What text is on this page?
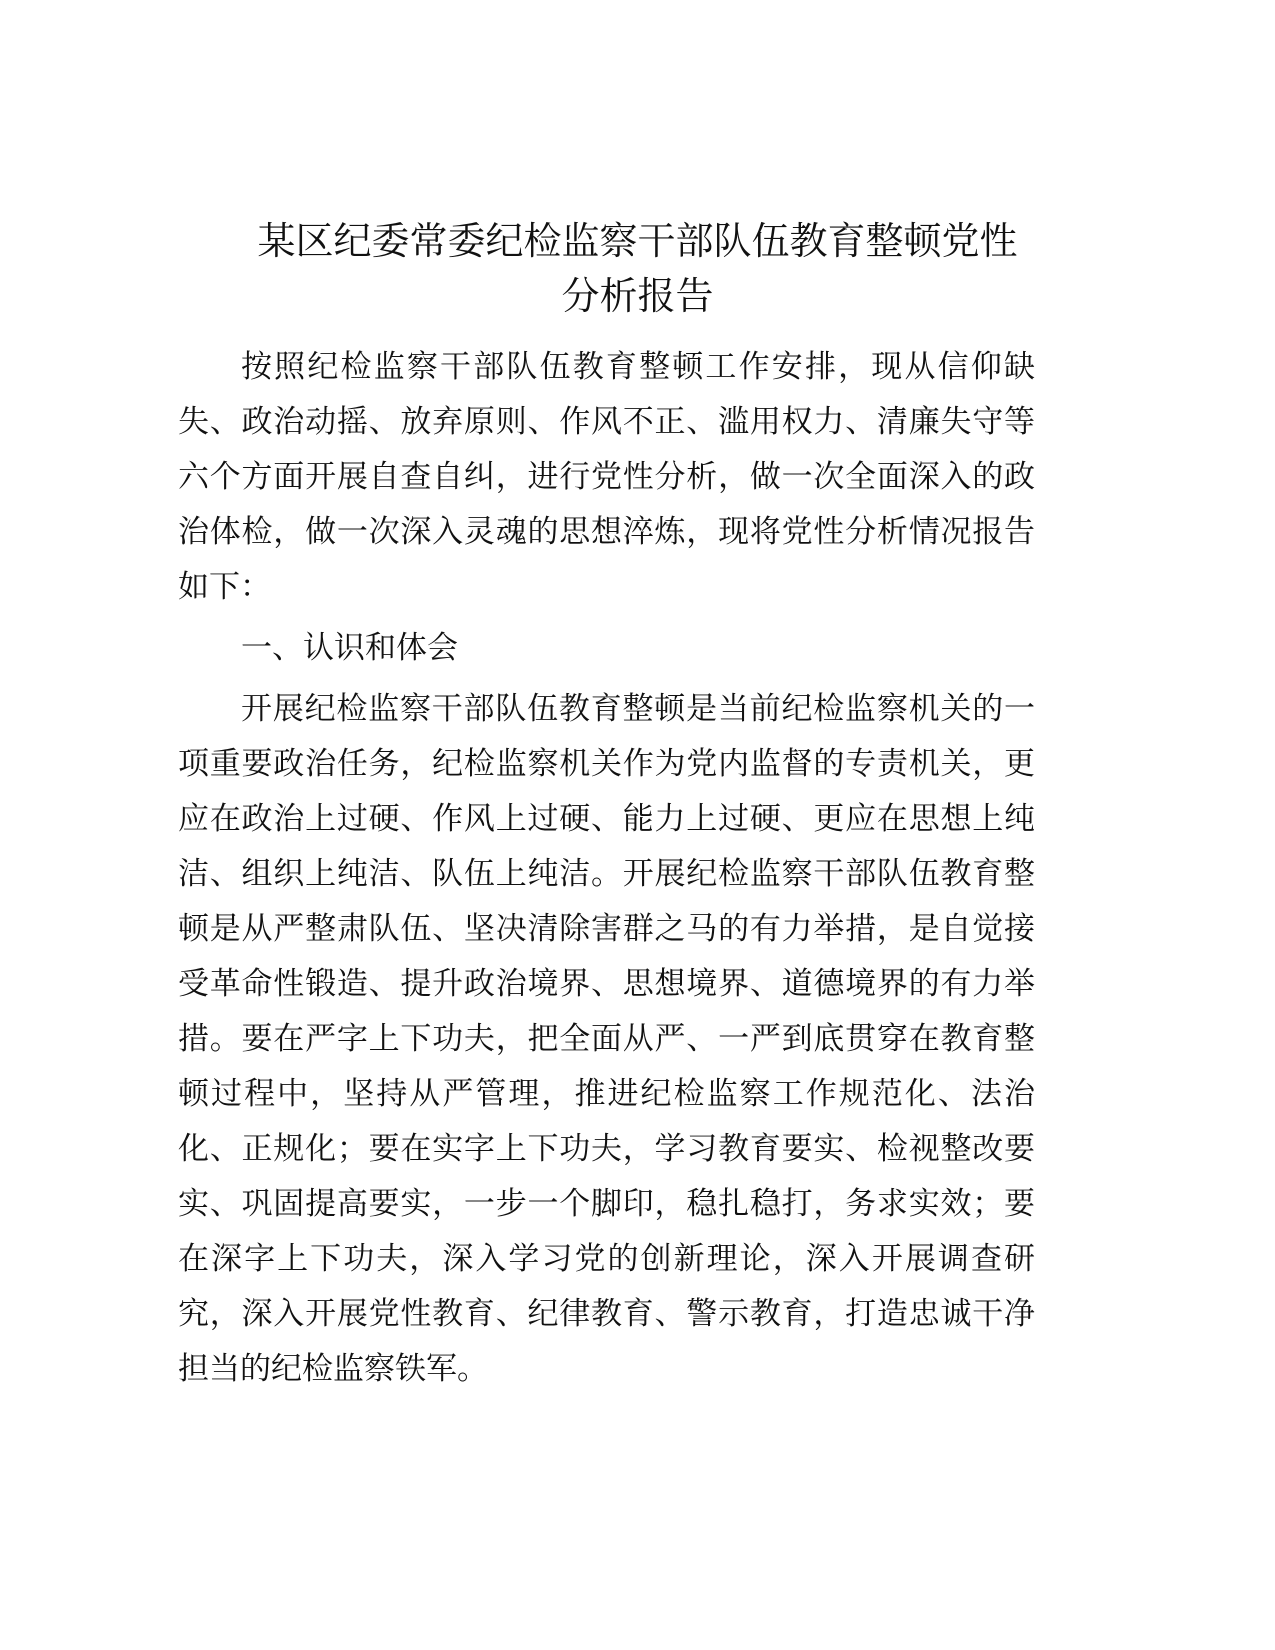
某区纪委常委纪检监察干部队伍教育整顿党性
分析报告
按照纪检监察干部队伍教育整顿工作安排，现从信仰缺
失、政治动摇、放弃原则、作风不正、滥用权力、清廉失守等
六个方面开展自查自纠，进行党性分析，做一次全面深入的政
治体检，做一次深入灵魂的思想淬炼，现将党性分析情况报告
如下：
一、认识和体会
开展纪检监察干部队伍教育整顿是当前纪检监察机关的一
项重要政治任务，纪检监察机关作为党内监督的专责机关，更
应在政治上过硬、作风上过硬、能力上过硬、更应在思想上纯
洁、组织上纯洁、队伍上纯洁。开展纪检监察干部队伍教育整
顿是从严整肃队伍、坚决清除害群之马的有力举措，是自觉接
受革命性锻造、提升政治境界、思想境界、道德境界的有力举
措。要在严字上下功夫，把全面从严、一严到底贯穿在教育整
顿过程中，坚持从严管理，推进纪检监察工作规范化、法治
化、正规化；要在实字上下功夫，学习教育要实、检视整改要
实、巩固提高要实，一步一个脚印，稳扎稳打，务求实效；要
在深字上下功夫，深入学习党的创新理论，深入开展调查研
究，深入开展党性教育、纪律教育、警示教育，打造忠诚干净
担当的纪检监察铁军。
